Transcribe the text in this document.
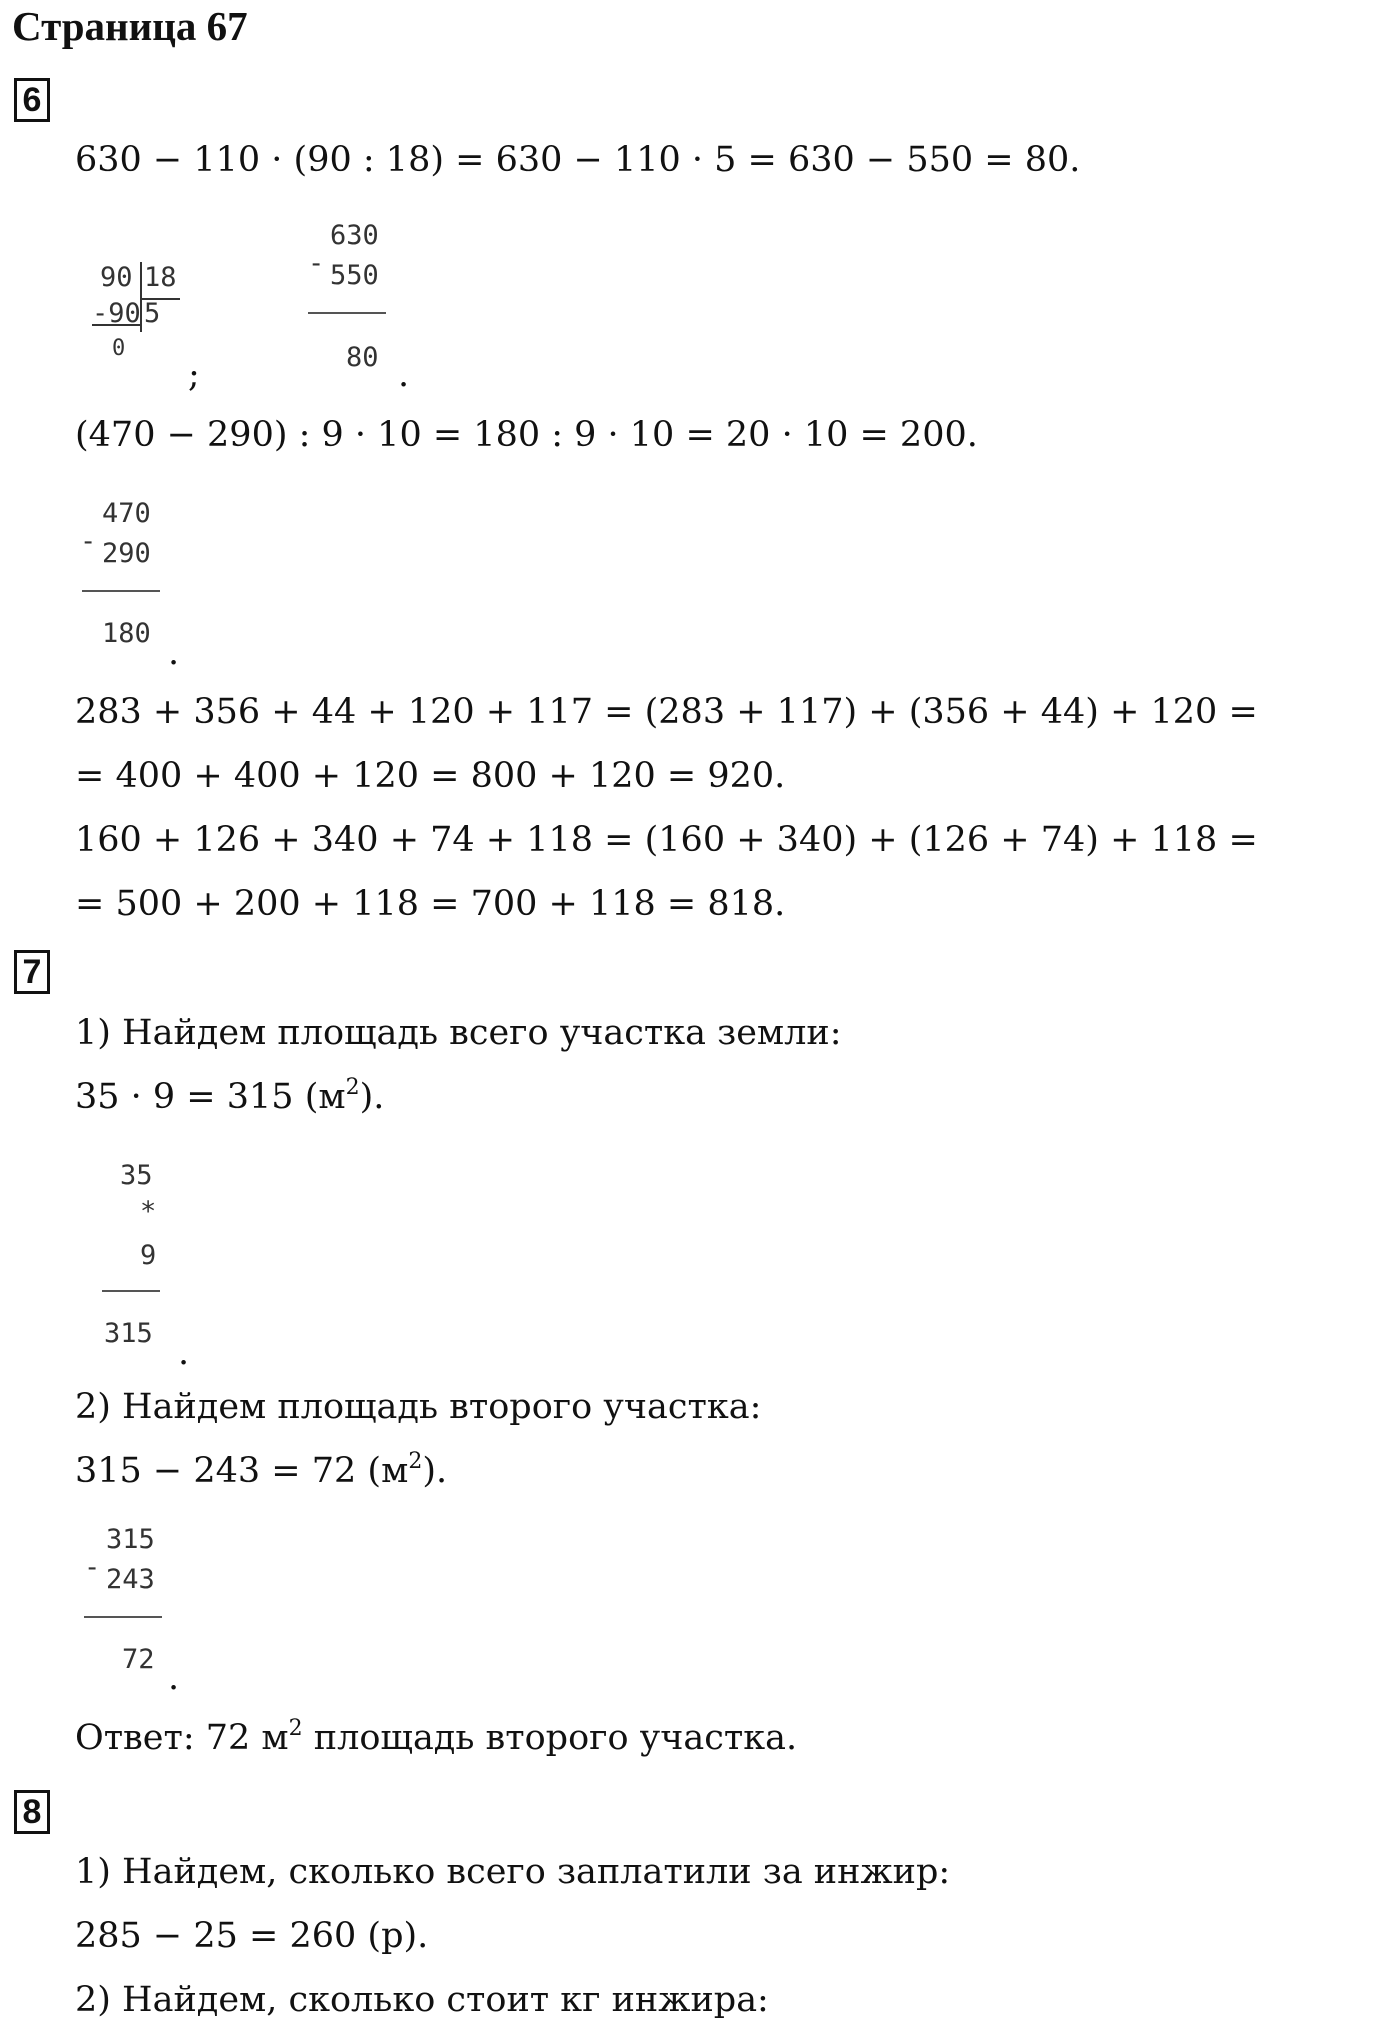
Страница 67
6
630 − 110 · (90 : 18) = 630 − 110 · 5 = 630 − 550 = 80.

90

18

-90

5

0

;

-

630

550

80 .
(470 − 290) : 9 · 10 = 180 : 9 · 10 = 20 · 10 = 200.

-

470

290

180 .
283 + 356 + 44 + 120 + 117 = (283 + 117) + (356 + 44) + 120 =
= 400 + 400 + 120 = 800 + 120 = 920.
160 + 126 + 340 + 74 + 118 = (160 + 340) + (126 + 74) + 118 =
= 500 + 200 + 118 = 700 + 118 = 818.
7
1) Найдем площадь всего участка земли:
35 · 9 = 315 $(м^2)$.

35

*

9

315 .
2) Найдем площадь второго участка:
315 − 243 = 72 $(м^2)$.

-

315

243

72 .
Ответ: 72 $м^2$ площадь второго участка.
8
1) Найдем, сколько всего заплатили за инжир:
285 − 25 = 260 (р).
2) Найдем, сколько стоит кг инжира:
